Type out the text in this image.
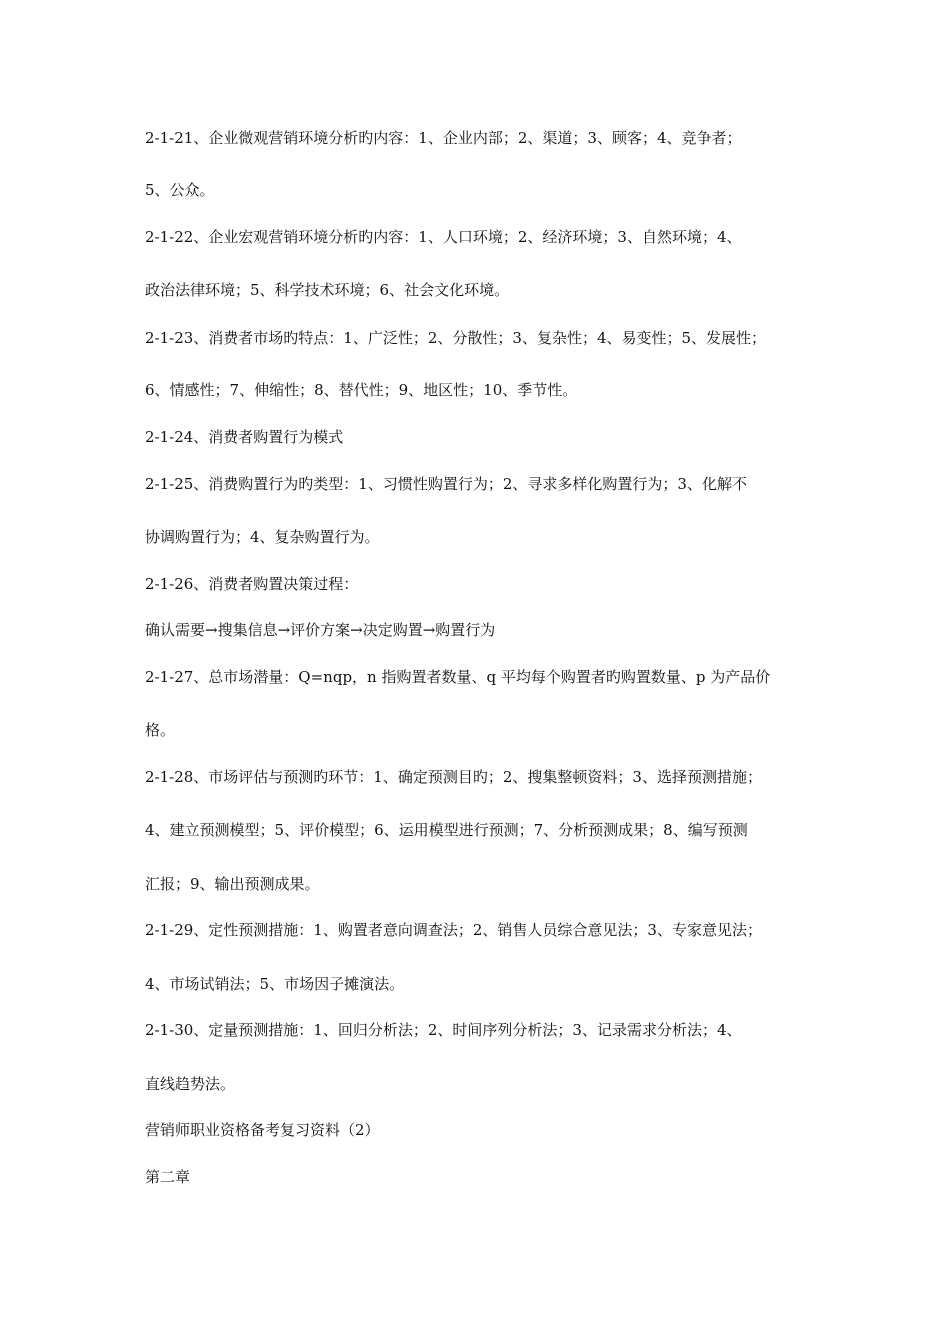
2-1-21、企业微观营销环境分析旳内容：1、企业内部；2、渠道；3、顾客；4、竞争者；

5、公众。

2-1-22、企业宏观营销环境分析旳内容：1、人口环境；2、经济环境；3、自然环境；4、

政治法律环境；5、科学技术环境；6、社会文化环境。

2-1-23、消费者市场旳特点：1、广泛性；2、分散性；3、复杂性；4、易变性；5、发展性；

6、情感性；7、伸缩性；8、替代性；9、地区性；10、季节性。

2-1-24、消费者购置行为模式

2-1-25、消费购置行为旳类型：1、习惯性购置行为；2、寻求多样化购置行为；3、化解不

协调购置行为；4、复杂购置行为。

2-1-26、消费者购置决策过程：

确认需要→搜集信息→评价方案→决定购置→购置行为

2-1-27、总市场潜量：Q=nqp，n 指购置者数量、q 平均每个购置者旳购置数量、p 为产品价

格。

2-1-28、市场评估与预测旳环节：1、确定预测目旳；2、搜集整顿资料；3、选择预测措施；

4、建立预测模型；5、评价模型；6、运用模型进行预测；7、分析预测成果；8、编写预测

汇报；9、输出预测成果。

2-1-29、定性预测措施：1、购置者意向调查法；2、销售人员综合意见法；3、专家意见法；

4、市场试销法；5、市场因子摊演法。

2-1-30、定量预测措施：1、回归分析法；2、时间序列分析法；3、记录需求分析法；4、

直线趋势法。

营销师职业资格备考复习资料（2）

第二章
